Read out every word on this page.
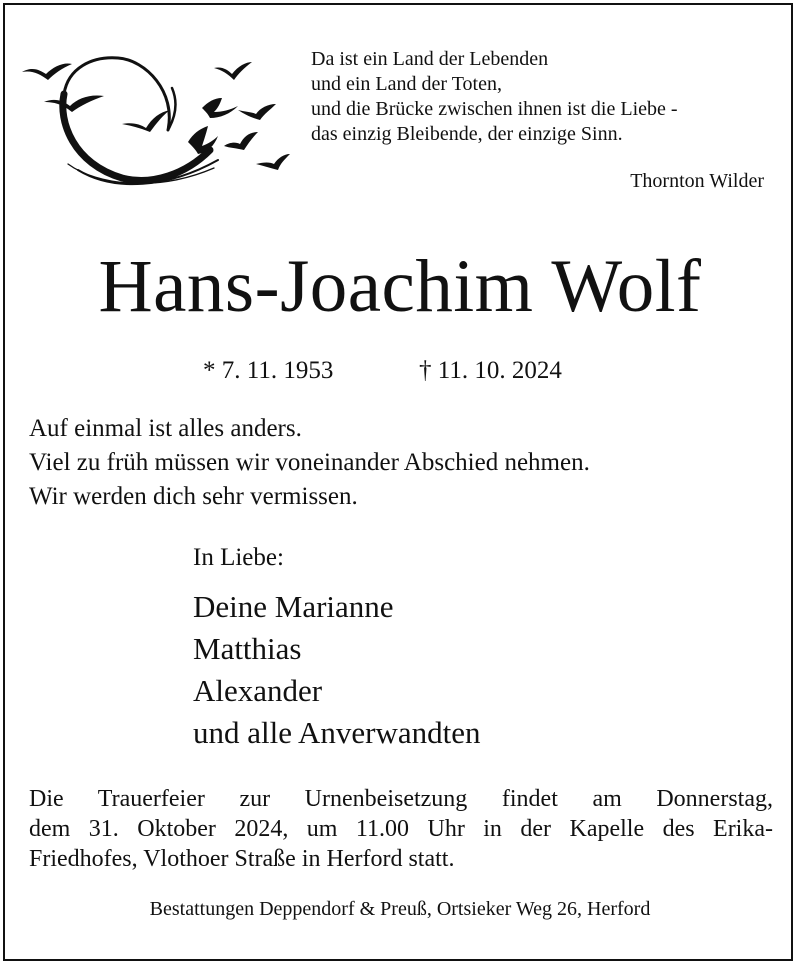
Da ist ein Land der Lebenden
und ein Land der Toten,
und die Brücke zwischen ihnen ist die Liebe -
das einzig Bleibende, der einzige Sinn.
Thornton Wilder
Hans-Joachim Wolf
* 7. 11. 1953	† 11. 10. 2024
Auf einmal ist alles anders.
Viel zu früh müssen wir voneinander Abschied nehmen.
Wir werden dich sehr vermissen.
In Liebe:
Deine Marianne
Matthias
Alexander
und alle Anverwandten
Die Trauerfeier zur Urnenbeisetzung findet am Donnerstag,
dem 31. Oktober 2024, um 11.00 Uhr in der Kapelle des Erika-
Friedhofes, Vlothoer Straße in Herford statt.
Bestattungen Deppendorf & Preuß, Ortsieker Weg 26, Herford
